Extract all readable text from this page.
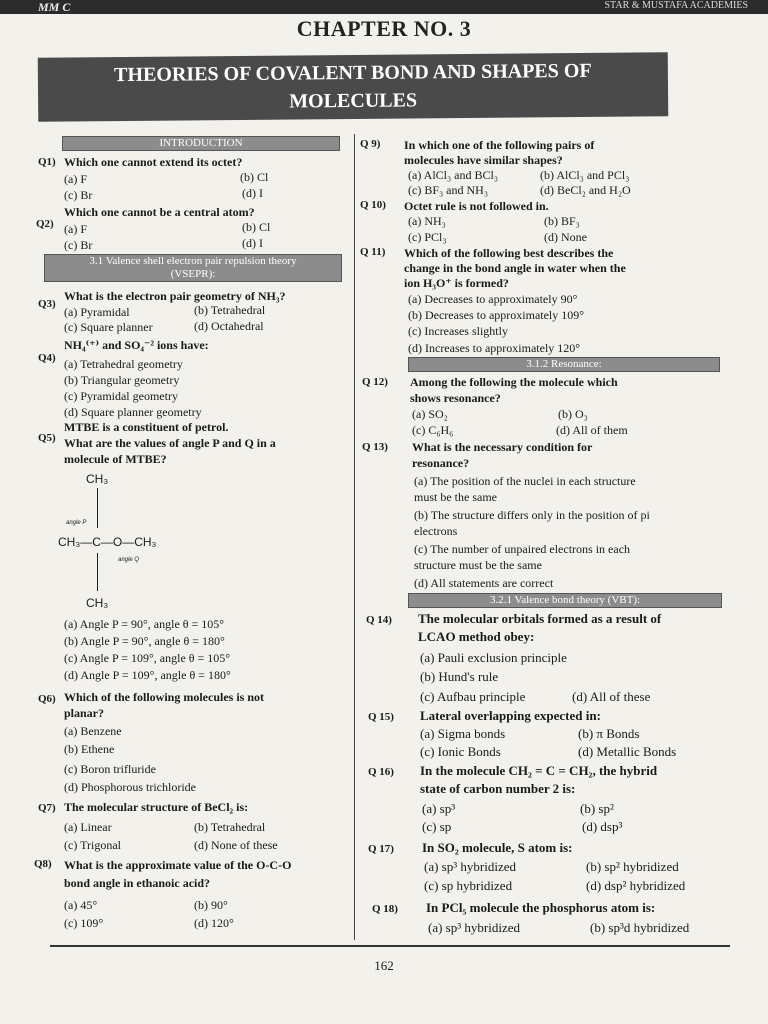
MM C	STAR & MUSTAFA ACADEMIES
CHAPTER NO. 3
THEORIES OF COVALENT BOND AND SHAPES OF
MOLECULES
INTRODUCTION
Q1) Which one cannot extend its octet?
(a) F	(b) Cl
(c) Br	(d) I
Q2)
Which one cannot be a central atom?
(a) F	(b) Cl
(c) Br	(d) I
3.1 Valence shell electron pair repulsion theory
(VSEPR):
Q3)
What is the electron pair geometry of NH₃?
(a) Pyramidal	(b) Tetrahedral
(c) Square planner	(d) Octahedral
Q4)
NH₄⁽⁺⁾ and SO₄⁻² ions have:
(a) Tetrahedral geometry
(b) Triangular geometry
(c) Pyramidal geometry
(d) Square planner geometry
Q5)
MTBE is a constituent of petrol.
What are the values of angle P and Q in a
molecule of MTBE?
CH₃
angle P
CH₃—C—O—CH₃
angle Q
CH₃
(a) Angle P = 90°, angle θ = 105°
(b) Angle P = 90°, angle θ = 180°
(c) Angle P = 109°, angle θ = 105°
(d) Angle P = 109°, angle θ = 180°
Q6) Which of the following molecules is not
planar?
(a) Benzene
(b) Ethene
(c) Boron trifluride
(d) Phosphorous trichloride
Q7) The molecular structure of BeCl₂ is:
(a) Linear	(b) Tetrahedral
(c) Trigonal	(d) None of these
Q8) What is the approximate value of the O-C-O
bond angle in ethanoic acid?
(a) 45°	(b) 90°
(c) 109°	(d) 120°
Q 9) In which one of the following pairs of
molecules have similar shapes?
(a) AlCl₃ and BCl₃	(b) AlCl₃ and PCl₃
(c) BF₃ and NH₃	(d) BeCl₂ and H₂O
Q 10) Octet rule is not followed in.
(a) NH₃	(b) BF₃
(c) PCl₃	(d) None
Q 11) Which of the following best describes the
change in the bond angle in water when the
ion H₃O⁺ is formed?
(a) Decreases to approximately 90°
(b) Decreases to approximately 109°
(c) Increases slightly
(d) Increases to approximately 120°
3.1.2 Resonance:
Q 12) Among the following the molecule which
shows resonance?
(a) SO₂	(b) O₃
(c) C₆H₆	(d) All of them
Q 13) What is the necessary condition for
resonance?
(a) The position of the nuclei in each structure
must be the same
(b) The structure differs only in the position of pi
electrons
(c) The number of unpaired electrons in each
structure must be the same
(d) All statements are correct
3.2.1 Valence bond theory (VBT):
Q 14) The molecular orbitals formed as a result of
LCAO method obey:
(a) Pauli exclusion principle
(b) Hund's rule
(c) Aufbau principle	(d) All of these
Q 15) Lateral overlapping expected in:
(a) Sigma bonds	(b) π Bonds
(c) Ionic Bonds	(d) Metallic Bonds
Q 16) In the molecule CH₂ = C = CH₂, the hybrid
state of carbon number 2 is:
(a) sp³	(b) sp²
(c) sp	(d) dsp³
Q 17) In SO₂ molecule, S atom is:
(a) sp³ hybridized	(b) sp² hybridized
(c) sp hybridized	(d) dsp² hybridized
Q 18) In PCl₅ molecule the phosphorus atom is:
(a) sp³ hybridized	(b) sp³d hybridized
162
